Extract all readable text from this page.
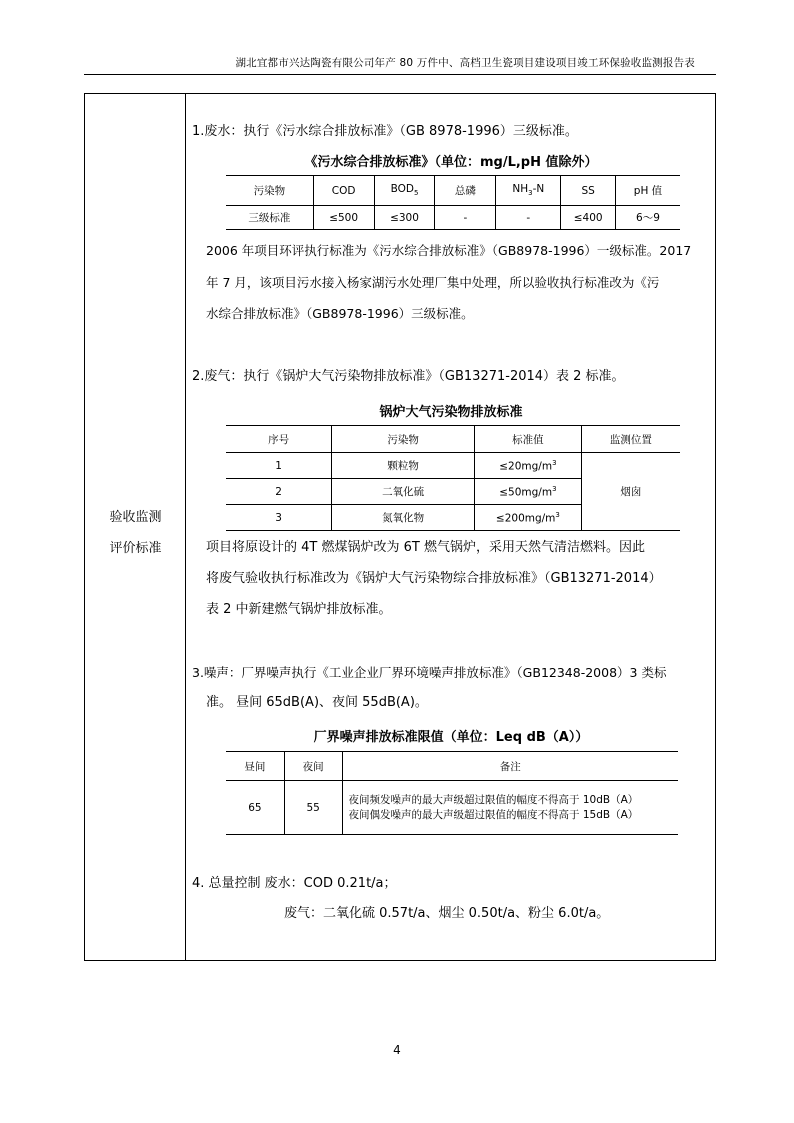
湖北宜都市兴达陶瓷有限公司年产 80 万件中、高档卫生瓷项目建设项目竣工环保验收监测报告表
验收监测
评价标准
1.废水：执行《污水综合排放标准》（GB 8978-1996）三级标准。
《污水综合排放标准》（单位：mg/L,pH 值除外）
污染物	COD	$BOD_5$	总磷	$NH_3-N$	SS	pH 值
三级标准	≤500	≤300	-	-	≤400	6～9
2006 年项目环评执行标准为《污水综合排放标准》（GB8978-1996）一级标准。2017
年 7 月，该项目污水接入杨家湖污水处理厂集中处理，所以验收执行标准改为《污
水综合排放标准》（GB8978-1996）三级标准。
2.废气：执行《锅炉大气污染物排放标准》（GB13271-2014）表 2 标准。
锅炉大气污染物排放标准
序号	污染物	标准值	监测位置
1	颗粒物	$\le 20mg/m^3$	烟囱
2	二氧化硫	$\le 50mg/m^3$
3	氮氧化物	$\le 200mg/m^3$
项目将原设计的 4T 燃煤锅炉改为 6T 燃气锅炉，采用天然气清洁燃料。因此
将废气验收执行标准改为《锅炉大气污染物综合排放标准》（GB13271-2014）
表 2 中新建燃气锅炉排放标准。
3.噪声：厂界噪声执行《工业企业厂界环境噪声排放标准》（GB12348-2008）3 类标
准。 昼间 65dB(A)、夜间 55dB(A)。
厂界噪声排放标准限值（单位：Leq dB（A））
昼间	夜间	备注
65	55	夜间频发噪声的最大声级超过限值的幅度不得高于 10dB（A）
夜间偶发噪声的最大声级超过限值的幅度不得高于 15dB（A）
4. 总量控制 废水：COD 0.21t/a；
废气：二氧化硫 0.57t/a、烟尘 0.50t/a、粉尘 6.0t/a。
4
